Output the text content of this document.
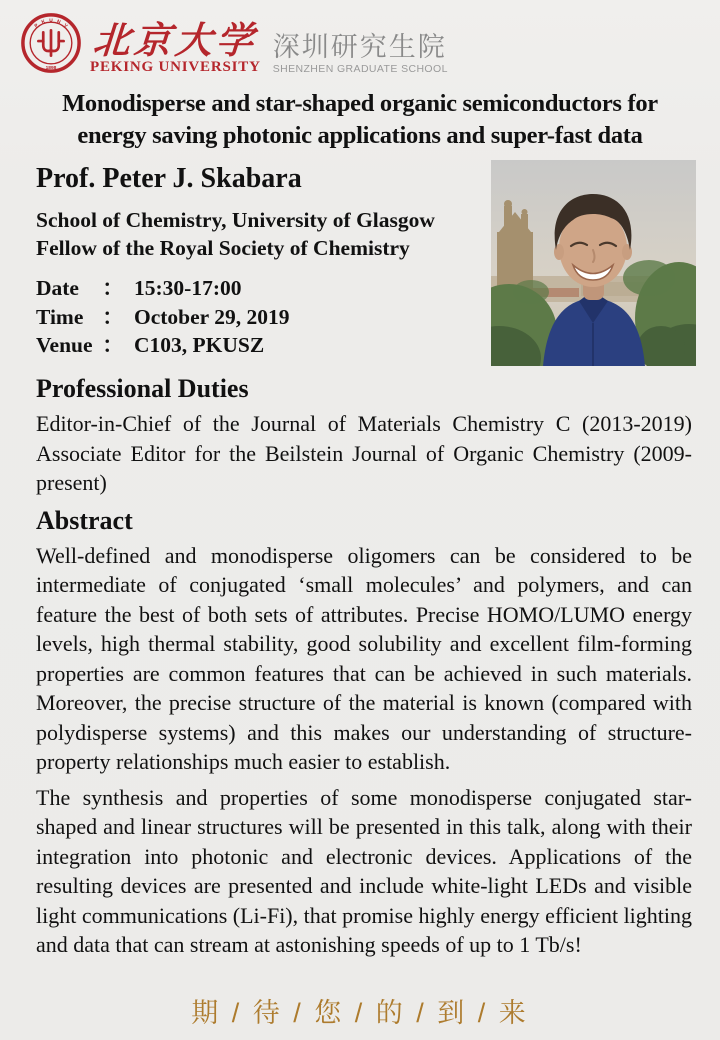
P
K U N
V
1898
北京大学
PEKING UNIVERSITY
深圳研究生院
SHENZHEN GRADUATE SCHOOL
Monodisperse and star-shaped organic semiconductors for
energy saving photonic applications and super-fast data
Prof. Peter J. Skabara
School of Chemistry, University of Glasgow
Fellow of the Royal Society of Chemistry
Date	： 15:30-17:00
Time ： October 29, 2019
Venue ： C103, PKUSZ
Professional Duties

Editor-in-Chief of the Journal of Materials Chemistry C (2013-2019) Associate Editor for the Beilstein Journal of Organic Chemistry (2009-present)

Abstract

Well-defined and monodisperse oligomers can be considered to be intermediate of conjugated ‘small molecules’ and polymers, and can feature the best of both sets of attributes. Precise HOMO/LUMO energy levels, high thermal stability, good solubility and excellent film-forming properties are common features that can be achieved in such materials. Moreover, the precise structure of the material is known (compared with polydisperse systems) and this makes our understanding of structure-property relationships much easier to establish.

The synthesis and properties of some monodisperse conjugated star-shaped and linear structures will be presented in this talk, along with their integration into photonic and electronic devices. Applications of the resulting devices are presented and include white-light LEDs and visible light communications (Li-Fi), that promise highly energy efficient lighting and data that can stream at astonishing speeds of up to 1 Tb/s!

期 / 待 / 您 / 的 / 到 / 来
